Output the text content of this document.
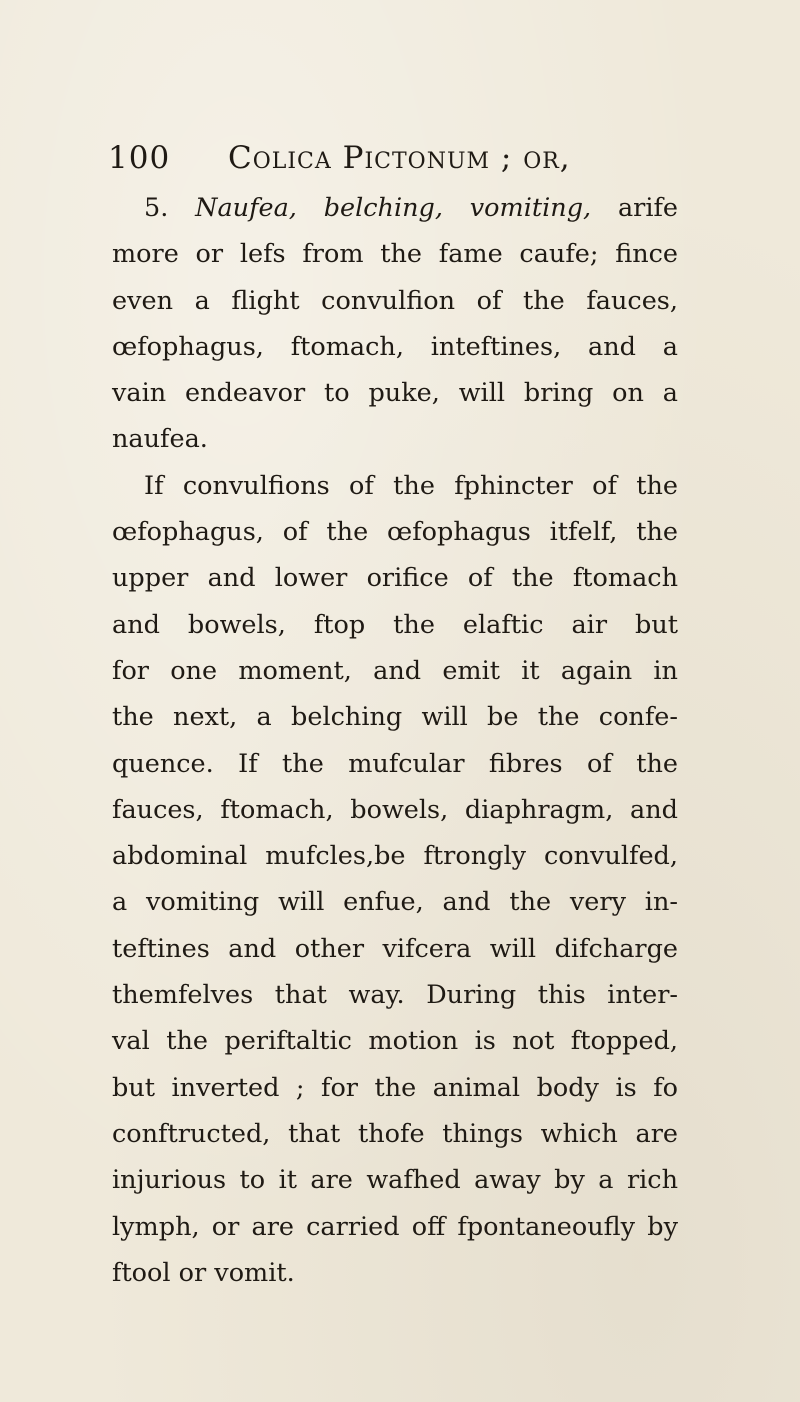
100 Colica Pictonum ; or,
5. Naufea, belching, vomiting, arife
more or lefs from the fame caufe; fince
even a flight convulfion of the fauces,
œfophagus, ftomach, inteftines, and a
vain endeavor to puke, will bring on a
naufea.
If convulfions of the fphincter of the
œfophagus, of the œfophagus itfelf, the
upper and lower orifice of the ftomach
and bowels, ftop the elaftic air but
for one moment, and emit it again in
the next, a belching will be the confe-
quence. If the mufcular fibres of the
fauces, ftomach, bowels, diaphragm, and
abdominal mufcles,be ftrongly convulfed,
a vomiting will enfue, and the very in-
teftines and other vifcera will difcharge
themfelves that way. During this inter-
val the periftaltic motion is not ftopped,
but inverted ; for the animal body is fo
conftructed, that thofe things which are
injurious to it are wafhed away by a rich
lymph, or are carried off fpontaneoufly by
ftool or vomit.
